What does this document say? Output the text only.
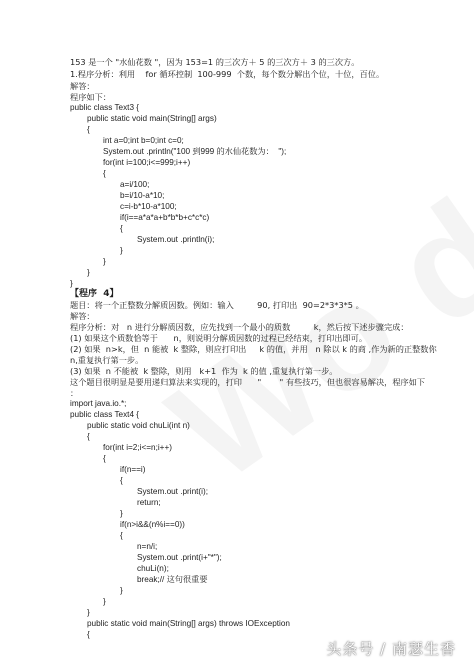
153 是一个 "水仙花数 "，因为 153=1 的三次方＋ 5 的三次方＋ 3 的三次方。
1.程序分析：利用    for 循环控制  100-999  个数，每个数分解出个位，十位，百位。
解答：
程序如下：
public class Text3 {
public static void main(String[] args)
{
int a=0;int b=0;int c=0;
System.out .println("100 到999 的水仙花数为：  ");
for(int i=100;i<=999;i++)
{
a=i/100;
b=i/10-a*10;
c=i-b*10-a*100;
if(i==a*a*a+b*b*b+c*c*c)
{
System.out .println(i);
}
}
}
}
【程序  4】
题目：将一个正整数分解质因数。例如：输入         90, 打印出  90=2*3*3*5 。
解答：
程序分析：对   n 进行分解质因数，应先找到一个最小的质数         k，然后按下述步骤完成：
(1) 如果这个质数恰等于      n，则说明分解质因数的过程已经结束，打印出即可。
(2) 如果  n>k，但  n 能被  k 整除，则应打印出     k 的值，并用   n 除以 k 的商 ,作为新的正整数你
n,重复执行第一步。
(3) 如果  n 不能被  k 整除，则用   k+1  作为  k 的值 ,重复执行第一步。
这个题目很明显是要用递归算法来实现的，打印      "       " 有些技巧，但也很容易解决，程序如下
：
import java.io.*;
public class Text4 {
public static void chuLi(int n)
{
for(int i=2;i<=n;i++)
{
if(n==i)
{
System.out .print(i);
return;
}
if(n>i&&(n%i==0))
{
n=n/i;
System.out .print(i+"*");
chuLi(n);
break;// 这句很重要
}
}
}
public static void main(String[] args) throws IOException
{
头条号 / 南瑟生香
